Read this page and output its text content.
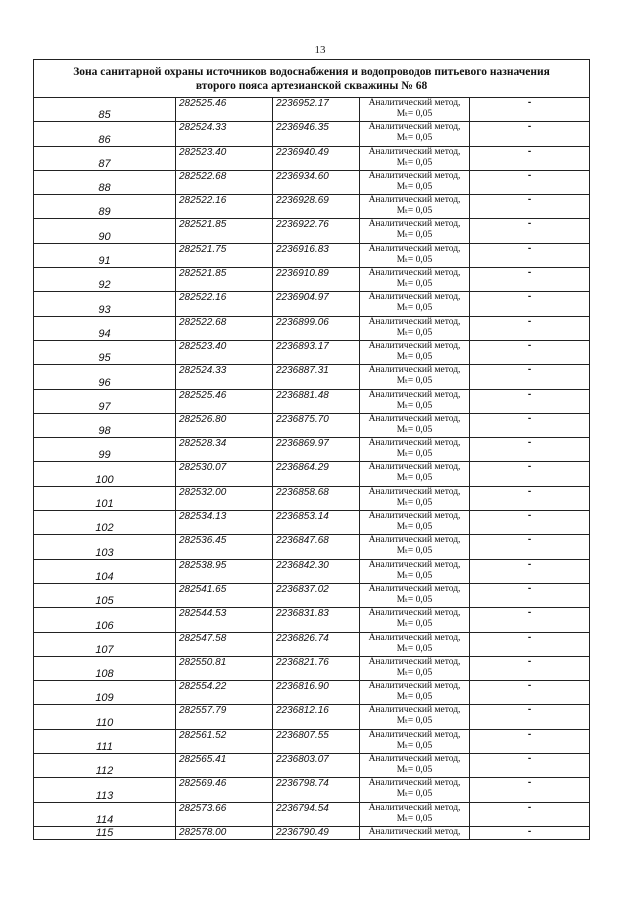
13
Зона санитарной охраны источников водоснабжения и водопроводов питьевого назначения
второго пояса артезианской скважины № 68				

85	282525.46	2236952.17	Аналитический метод,
Mₜ= 0,05	-
86	282524.33	2236946.35	Аналитический метод,
Mₜ= 0,05	-
87	282523.40	2236940.49	Аналитический метод,
Mₜ= 0,05	-
88	282522.68	2236934.60	Аналитический метод,
Mₜ= 0,05	-
89	282522.16	2236928.69	Аналитический метод,
Mₜ= 0,05	-
90	282521.85	2236922.76	Аналитический метод,
Mₜ= 0,05	-
91	282521.75	2236916.83	Аналитический метод,
Mₜ= 0,05	-
92	282521.85	2236910.89	Аналитический метод,
Mₜ= 0,05	-
93	282522.16	2236904.97	Аналитический метод,
Mₜ= 0,05	-
94	282522.68	2236899.06	Аналитический метод,
Mₜ= 0,05	-
95	282523.40	2236893.17	Аналитический метод,
Mₜ= 0,05	-
96	282524.33	2236887.31	Аналитический метод,
Mₜ= 0,05	-
97	282525.46	2236881.48	Аналитический метод,
Mₜ= 0,05	-
98	282526.80	2236875.70	Аналитический метод,
Mₜ= 0,05	-
99	282528.34	2236869.97	Аналитический метод,
Mₜ= 0,05	-
100	282530.07	2236864.29	Аналитический метод,
Mₜ= 0,05	-
101	282532.00	2236858.68	Аналитический метод,
Mₜ= 0,05	-
102	282534.13	2236853.14	Аналитический метод,
Mₜ= 0,05	-
103	282536.45	2236847.68	Аналитический метод,
Mₜ= 0,05	-
104	282538.95	2236842.30	Аналитический метод,
Mₜ= 0,05	-
105	282541.65	2236837.02	Аналитический метод,
Mₜ= 0,05	-
106	282544.53	2236831.83	Аналитический метод,
Mₜ= 0,05	-
107	282547.58	2236826.74	Аналитический метод,
Mₜ= 0,05	-
108	282550.81	2236821.76	Аналитический метод,
Mₜ= 0,05	-
109	282554.22	2236816.90	Аналитический метод,
Mₜ= 0,05	-
110	282557.79	2236812.16	Аналитический метод,
Mₜ= 0,05	-
111	282561.52	2236807.55	Аналитический метод,
Mₜ= 0,05	-
112	282565.41	2236803.07	Аналитический метод,
Mₜ= 0,05	-
113	282569.46	2236798.74	Аналитический метод,
Mₜ= 0,05	-
114	282573.66	2236794.54	Аналитический метод,
Mₜ= 0,05	-
115	282578.00	2236790.49	Аналитический метод,	-
